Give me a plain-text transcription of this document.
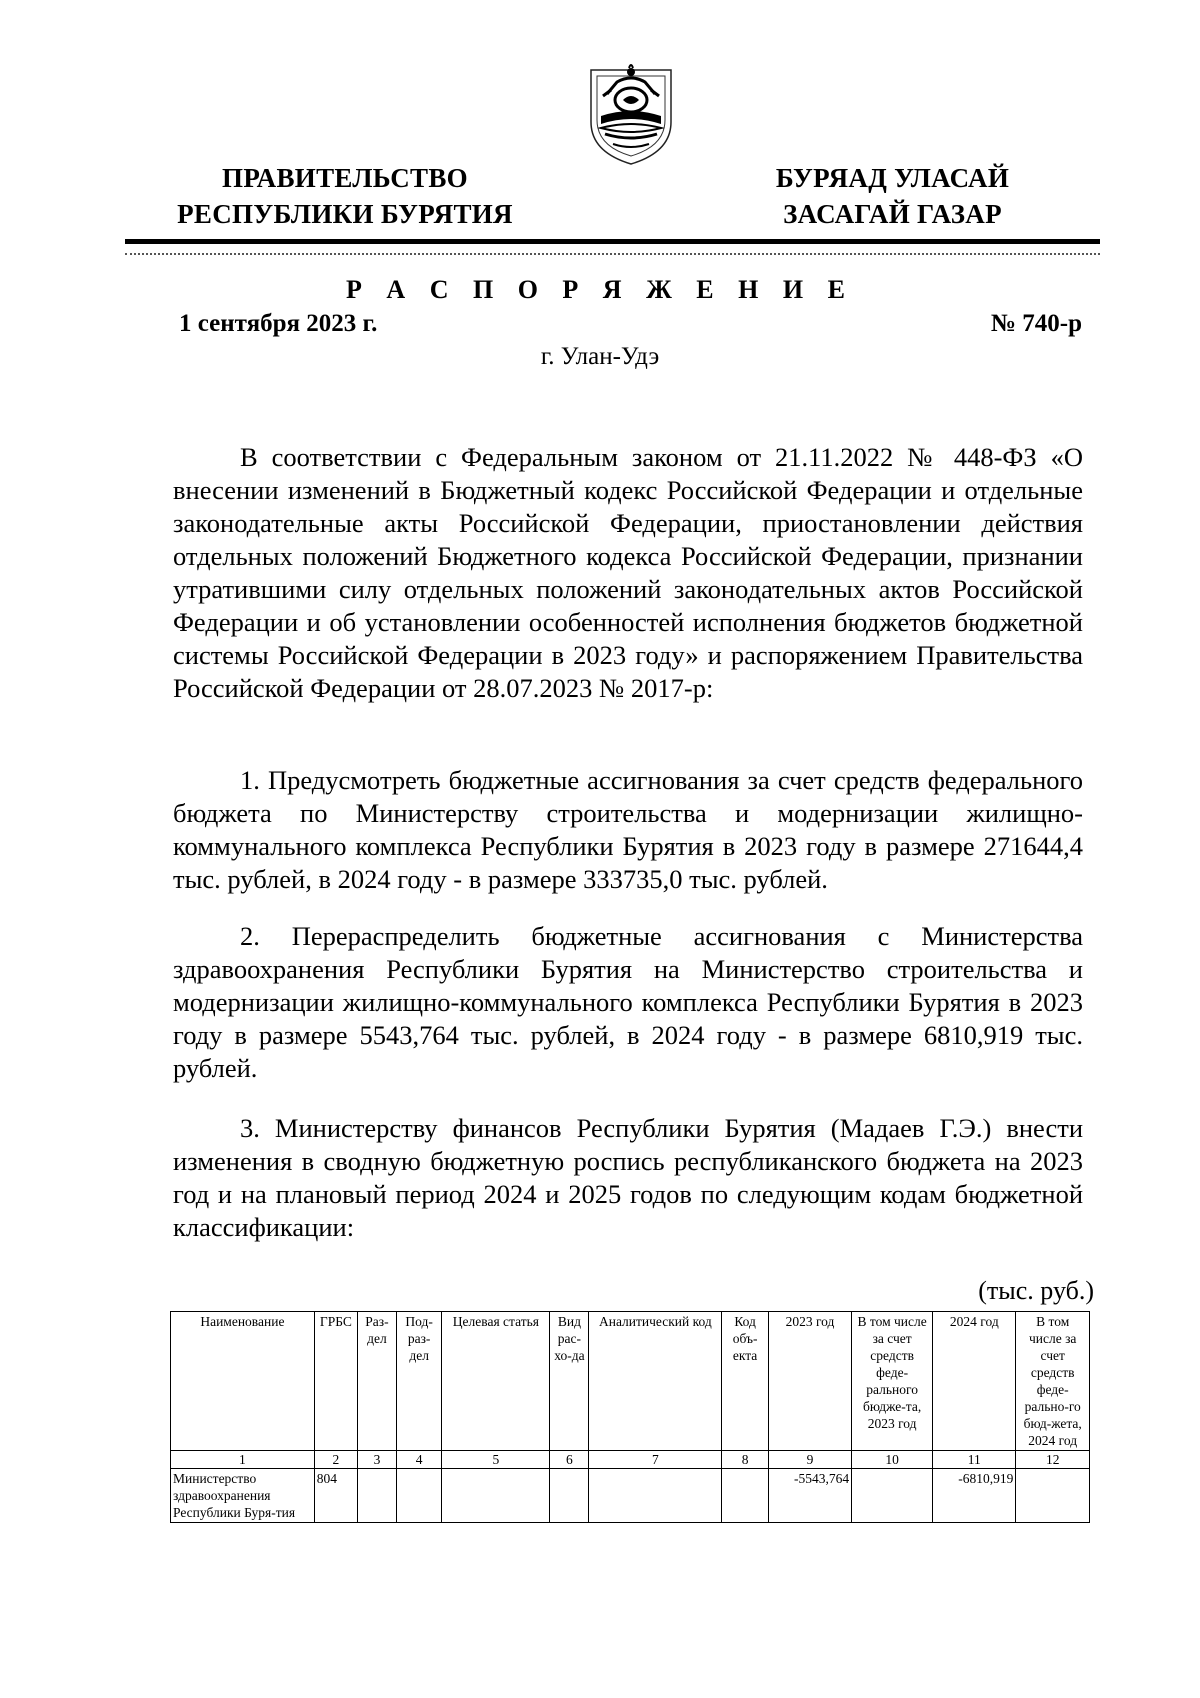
ПРАВИТЕЛЬСТВО
РЕСПУБЛИКИ БУРЯТИЯ
БУРЯАД УЛАСАЙ
ЗАСАГАЙ ГАЗАР
Р А С П О Р Я Ж Е Н И Е
1 сентября 2023 г.	№ 740-р
г. Улан-Удэ

В соответствии с Федеральным законом от 21.11.2022 № 448-ФЗ «О внесении изменений в Бюджетный кодекс Российской Федерации и отдельные законодательные акты Российской Федерации, приостановлении действия отдельных положений Бюджетного кодекса Российской Федерации, признании утратившими силу отдельных положений законодательных актов Российской Федерации и об установлении особенностей исполнения бюджетов бюджетной системы Российской Федерации в 2023 году» и распоряжением Правительства Российской Федерации от 28.07.2023 № 2017-р:

1. Предусмотреть бюджетные ассигнования за счет средств федерального бюджета по Министерству строительства и модернизации жилищно-коммунального комплекса Республики Бурятия в 2023 году в размере 271644,4 тыс. рублей, в 2024 году - в размере 333735,0 тыс. рублей.

2. Перераспределить бюджетные ассигнования с Министерства здравоохранения Республики Бурятия на Министерство строительства и модернизации жилищно-коммунального комплекса Республики Бурятия в 2023 году в размере 5543,764 тыс. рублей, в 2024 году - в размере 6810,919 тыс. рублей.

3. Министерству финансов Республики Бурятия (Мадаев Г.Э.) внести изменения в сводную бюджетную роспись республиканского бюджета на 2023 год и на плановый период 2024 и 2025 годов по следующим кодам бюджетной классификации:

(тыс. руб.)
Наименование	ГРБС	Раз-дел	Под-раз-дел	Целевая статья	Вид рас-хо-да	Аналитический код	Код объ-екта	2023 год	В том числе за счет средств феде-рального бюдже-та, 2023 год	2024 год	В том числе за счет средств феде-рально-го бюд-жета, 2024 год
1	2	3	4	5	6	7	8	9	10	11	12
Министерство здравоохранения Республики Буря-тия	804							-5543,764		-6810,919	
